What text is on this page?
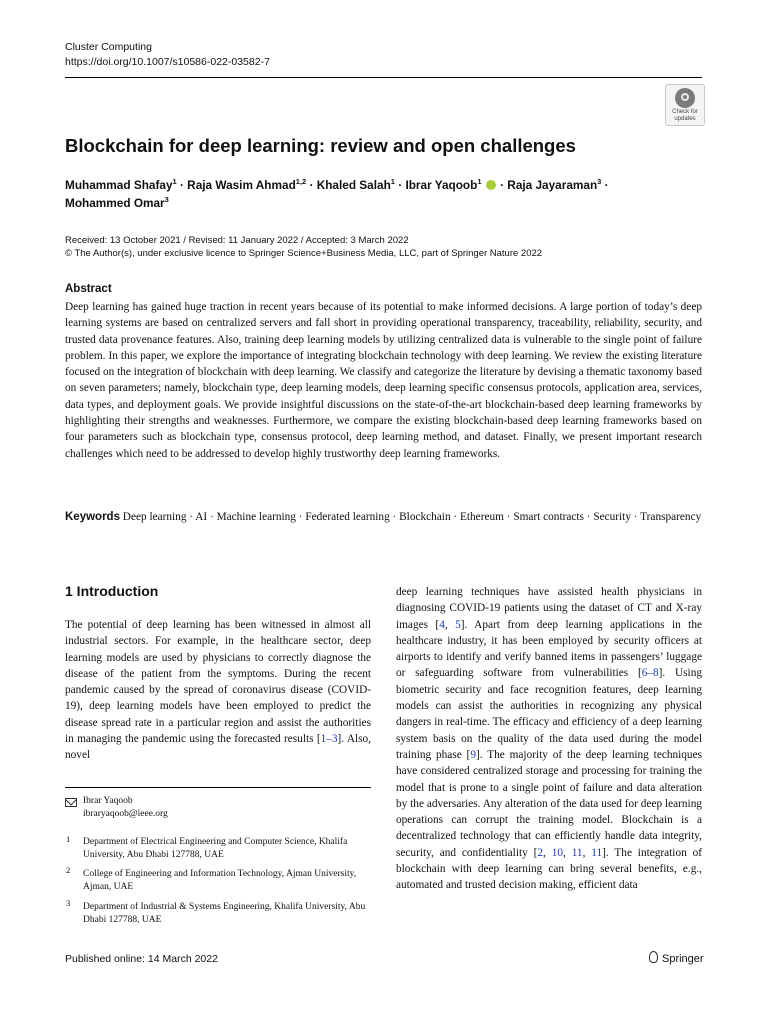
Cluster Computing
https://doi.org/10.1007/s10586-022-03582-7
Check for
updates
Blockchain for deep learning: review and open challenges
Muhammad Shafay$^1$ · Raja Wasim Ahmad$^{1,2}$ · Khaled Salah$^1$ · Ibrar Yaqoob$^1$  · Raja Jayaraman$^3$ ·
Mohammed Omar$^3$
Received: 13 October 2021 / Revised: 11 January 2022 / Accepted: 3 March 2022
© The Author(s), under exclusive licence to Springer Science+Business Media, LLC, part of Springer Nature 2022
Abstract
Deep learning has gained huge traction in recent years because of its potential to make informed decisions. A large portion of today’s deep learning systems are based on centralized servers and fall short in providing operational transparency, traceability, reliability, security, and trusted data provenance features. Also, training deep learning models by utilizing centralized data is vulnerable to the single point of failure problem. In this paper, we explore the importance of integrating blockchain technology with deep learning. We review the existing literature focused on the integration of blockchain with deep learning. We classify and categorize the literature by devising a thematic taxonomy based on seven parameters; namely, blockchain type, deep learning models, deep learning specific consensus protocols, application area, services, data types, and deployment goals. We provide insightful discussions on the state-of-the-art blockchain-based deep learning frameworks by highlighting their strengths and weaknesses. Furthermore, we compare the existing blockchain-based deep learning frameworks based on four parameters such as blockchain type, consensus protocol, deep learning method, and dataset. Finally, we present important research challenges which need to be addressed to develop highly trustworthy deep learning frameworks.
Keywords Deep learning · AI · Machine learning · Federated learning · Blockchain · Ethereum · Smart contracts · Security · Transparency
1 Introduction
The potential of deep learning has been witnessed in almost all industrial sectors. For example, in the healthcare sector, deep learning models are used by physicians to correctly diagnose the disease of the patient from the symptoms. During the recent pandemic caused by the spread of coronavirus disease (COVID-19), deep learning models have been employed to predict the disease spread rate in a particular region and assist the authorities in managing the pandemic using the forecasted results [1–3]. Also, novel
deep learning techniques have assisted health physicians in diagnosing COVID-19 patients using the dataset of CT and X-ray images [4, 5]. Apart from deep learning applications in the healthcare industry, it has been employed by security officers at airports to identify and verify banned items in passengers’ luggage or safeguarding software from vulnerabilities [6–8]. Using biometric security and face recognition features, deep learning models can assist the authorities in recognizing any physical dangers in real-time. The efficacy and efficiency of a deep learning system basis on the quality of the data used during the model training phase [9]. The majority of the deep learning techniques have considered centralized storage and processing for training the model that is prone to a single point of failure and data alteration by the adversaries. Any alteration of the data used for deep learning operations can corrupt the training model. Blockchain is a decentralized technology that can efficiently handle data integrity, security, and confidentiality [2, 10, 11, 11]. The integration of blockchain with deep learning can bring several benefits, e.g., automated and trusted decision making, efficient data
Ibrar Yaqoob
ibraryaqoob@ieee.org
1 Department of Electrical Engineering and Computer Science, Khalifa University, Abu Dhabi 127788, UAE
2 College of Engineering and Information Technology, Ajman University, Ajman, UAE
3 Department of Industrial & Systems Engineering, Khalifa University, Abu Dhabi 127788, UAE
Published online: 14 March 2022	Springer
